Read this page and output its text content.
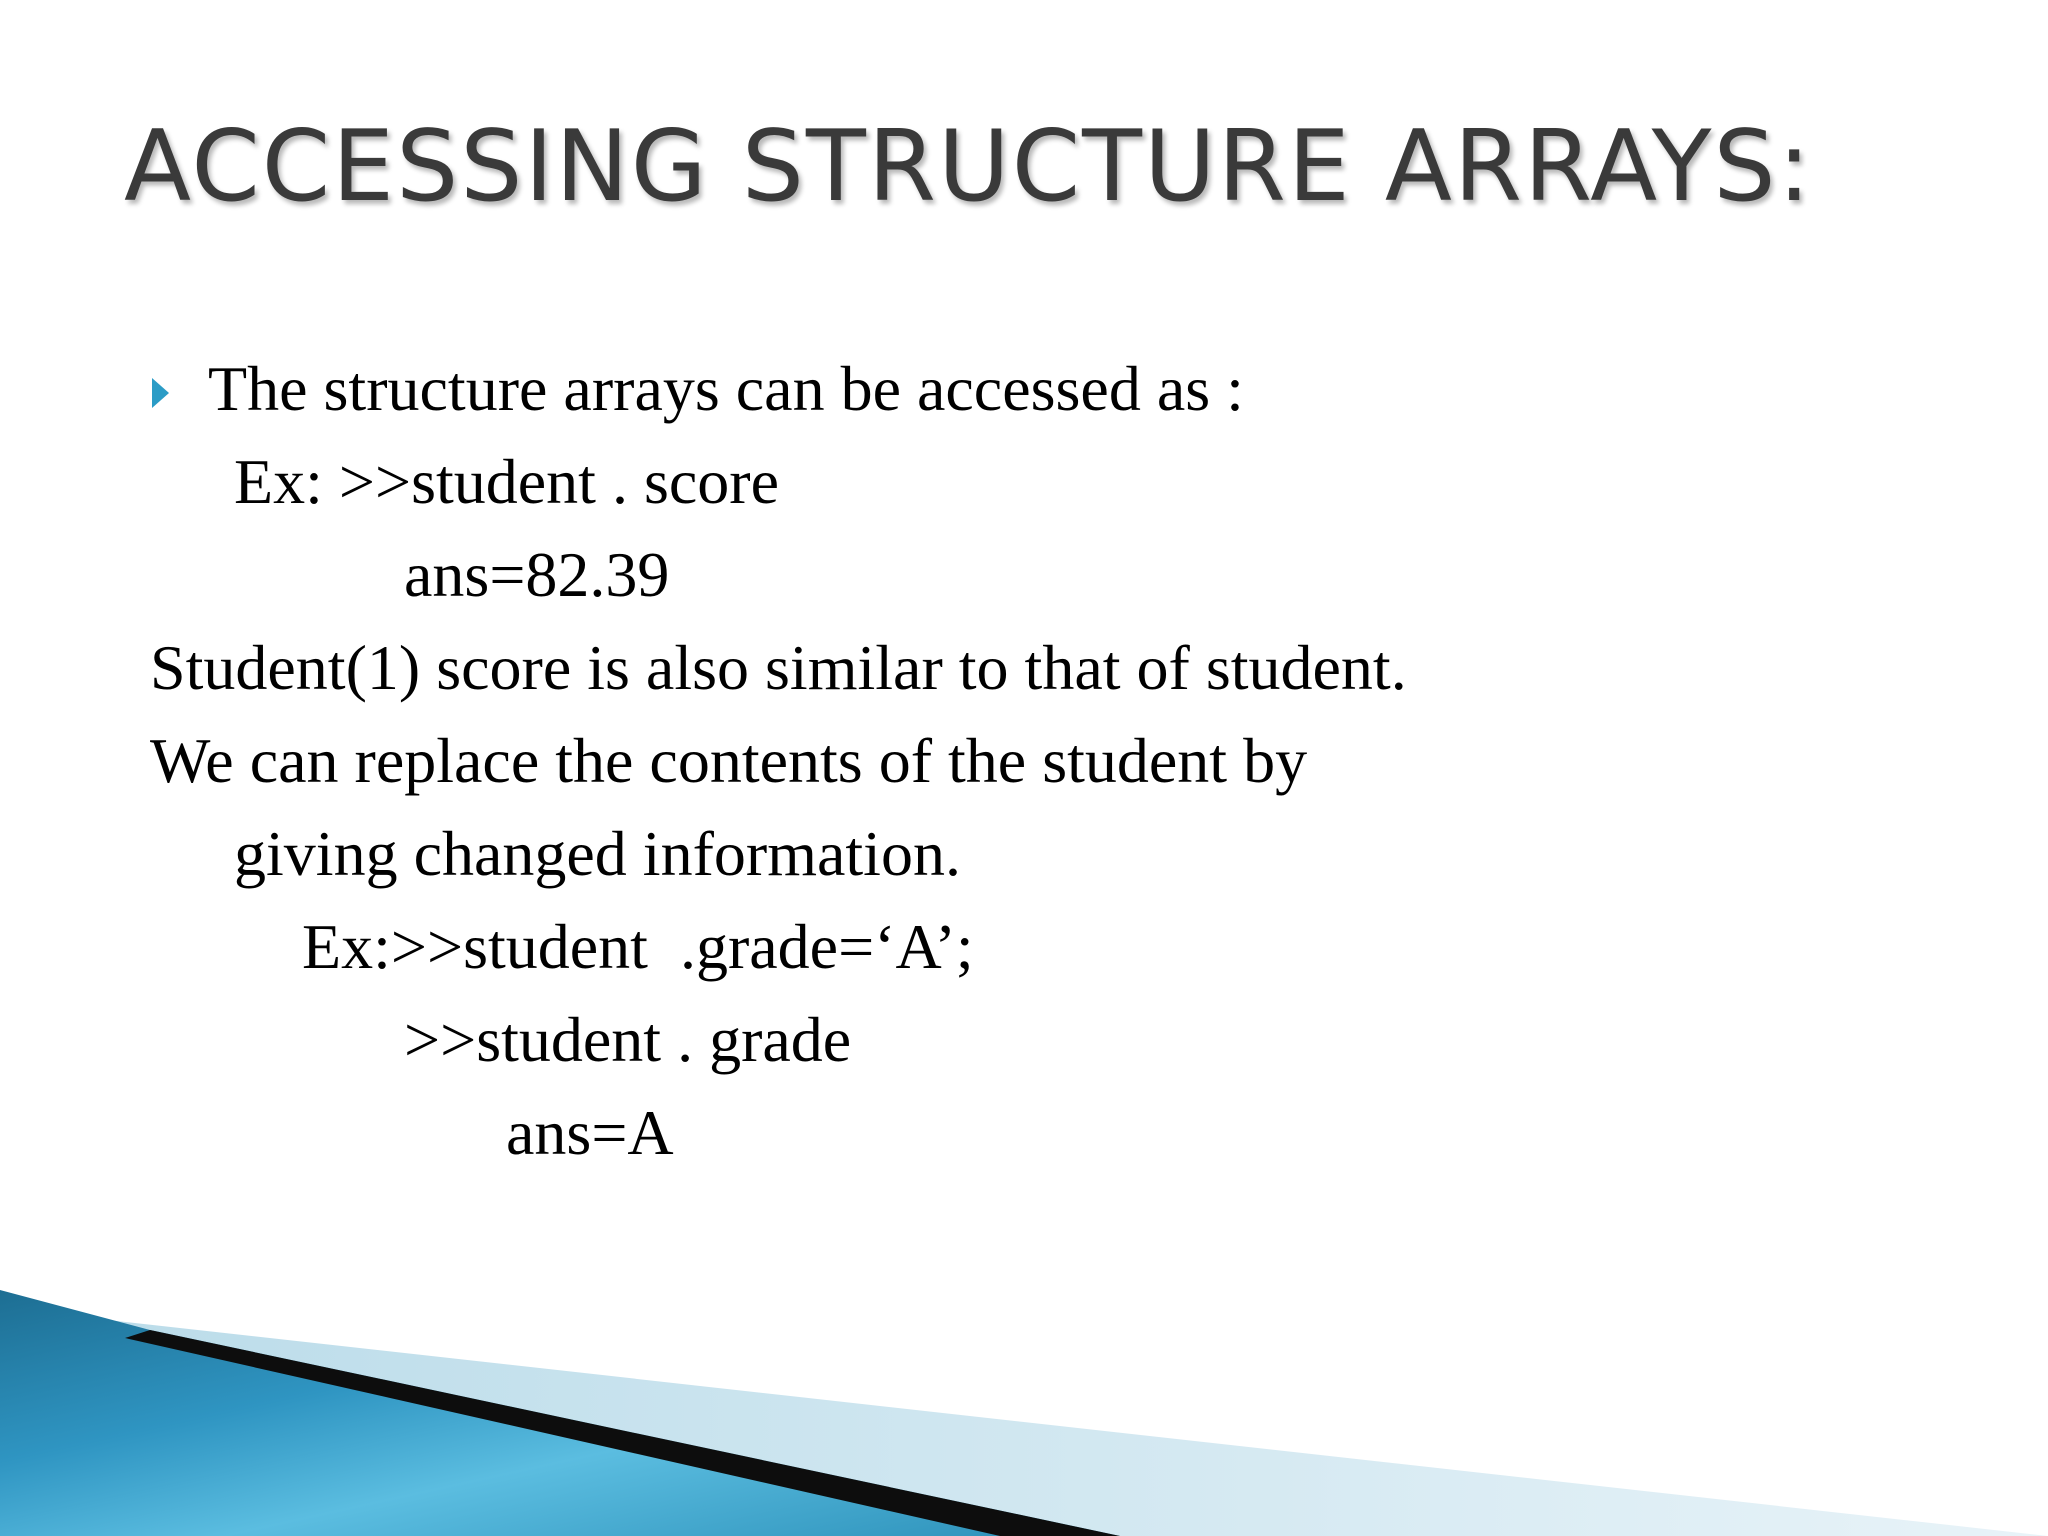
ACCESSING STRUCTURE ARRAYS:

The structure arrays can be accessed as :

Ex: >>student . score

ans=82.39

Student(1) score is also similar to that of student.

We can replace the contents of the student by

giving changed information.

Ex:>>student  .grade=‘A’;

>>student . grade

ans=A
